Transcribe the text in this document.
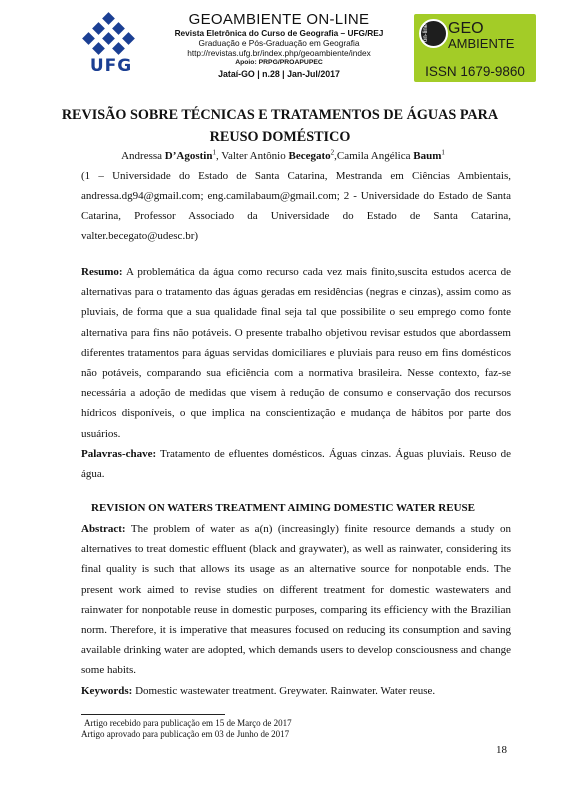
UFG
GEOAMBIENTE ON-LINE
Revista Eletrônica do Curso de Geografia – UFG/REJ
Graduação e Pós-Graduação em Geografia
http://revistas.ufg.br/index.php/geoambiente/index
Apoio: PRPG/PROAPUPEC
Jataí-GO | n.28 | Jan-Jul/2017
on-line GEO
AMBIENTE
ISSN 1679-9860
REVISÃO SOBRE TÉCNICAS E TRATAMENTOS DE ÁGUAS PARA REUSO DOMÉSTICO
Andressa D’Agostin$^1$, Valter Antônio Becegato$^2$,Camila Angélica Baum$^1$
(1 – Universidade do Estado de Santa Catarina, Mestranda em Ciências Ambientais, andressa.dg94@gmail.com; eng.camilabaum@gmail.com; 2 - Universidade do Estado de Santa Catarina, Professor Associado da Universidade do Estado de Santa Catarina, valter.becegato@udesc.br)
Resumo: A problemática da água como recurso cada vez mais finito,suscita estudos acerca de alternativas para o tratamento das águas geradas em residências (negras e cinzas), assim como as pluviais, de forma que a sua qualidade final seja tal que possibilite o seu emprego como fonte alternativa para fins não potáveis. O presente trabalho objetivou revisar estudos que abordassem diferentes tratamentos para águas servidas domiciliares e pluviais para reuso em fins domésticos não potáveis, comparando sua eficiência com a normativa brasileira. Nesse contexto, faz-se necessária a adoção de medidas que visem à redução de consumo e conservação dos recursos hídricos disponíveis, o que implica na conscientização e mudança de hábitos por parte dos usuários.
Palavras-chave: Tratamento de efluentes domésticos. Águas cinzas. Águas pluviais. Reuso de água.
REVISION ON WATERS TREATMENT AIMING DOMESTIC WATER REUSE
Abstract: The problem of water as a(n) (increasingly) finite resource demands a study on alternatives to treat domestic effluent (black and graywater), as well as rainwater, considering its final quality is such that allows its usage as an alternative source for nonpotable ends. The present work aimed to revise studies on different treatment for domestic wastewaters and rainwater for nonpotable reuse in domestic purposes, comparing its efficiency with the Brazilian norm. Therefore, it is imperative that measures focused on reducing its consumption and saving available drinking water are adopted, which demands users to develop consciousness and change some habits.
Keywords: Domestic wastewater treatment. Greywater. Rainwater. Water reuse.
Artigo recebido para publicação em 15 de Março de 2017
Artigo aprovado para publicação em 03 de Junho de 2017
18
